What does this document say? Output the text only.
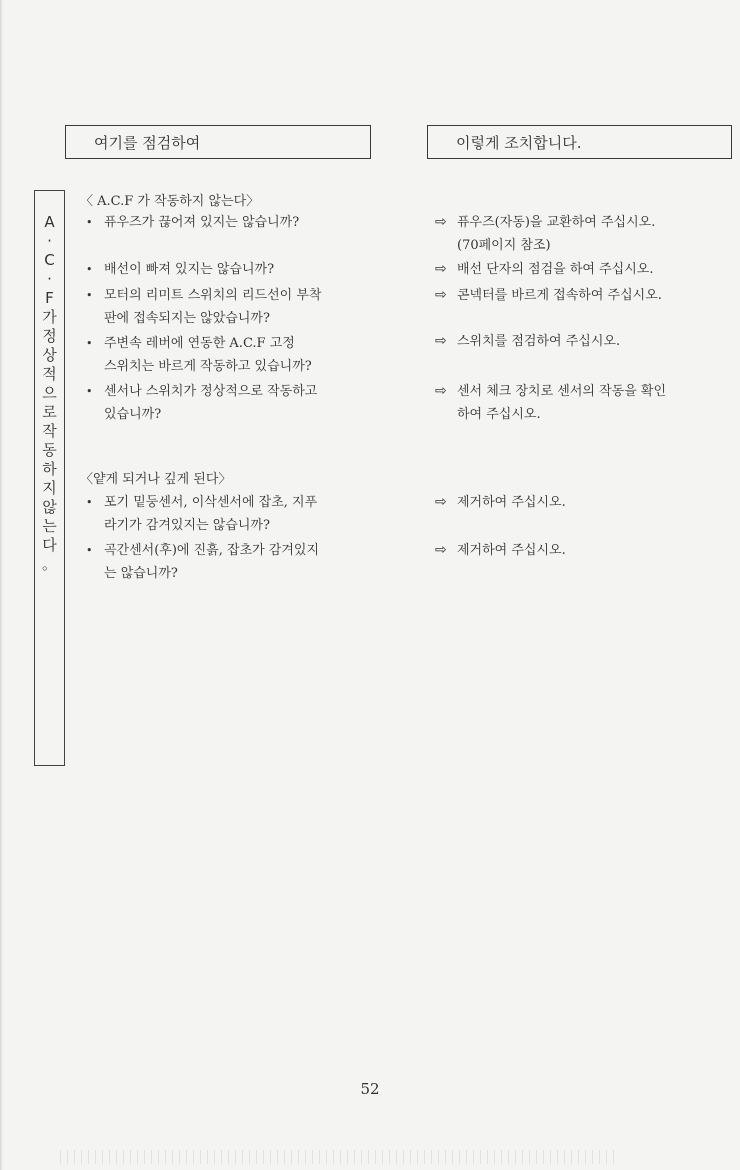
여기를 점검하여	이렇게 조치합니다.
A
·
C
·
F
가
정
상
적
으
로
작
동
하
지
않
는
다
。
〈 A.C.F 가 작동하지 않는다〉
• 퓨우즈가 끊어져 있지는 않습니까?
• 배선이 빠져 있지는 않습니까?
• 모터의 리미트 스위치의 리드선이 부착
판에 접속되지는 않았습니까?
• 주변속 레버에 연동한 A.C.F 고정
스위치는 바르게 작동하고 있습니까?
• 센서나 스위치가 정상적으로 작동하고
있습니까?
⇨ 퓨우즈(자동)을 교환하여 주십시오.
(70페이지 참조)
⇨ 배선 단자의 점검을 하여 주십시오.
⇨ 콘넥터를 바르게 접속하여 주십시오.
⇨ 스위치를 점검하여 주십시오.
⇨ 센서 체크 장치로 센서의 작동을 확인
하여 주십시오.
〈얕게 되거나 깊게 된다〉
• 포기 밑둥센서, 이삭센서에 잡초, 지푸
라기가 감겨있지는 않습니까?
• 곡간센서(후)에 진흙, 잡초가 감겨있지
는 않습니까?
⇨ 제거하여 주십시오.
⇨ 제거하여 주십시오.
52
